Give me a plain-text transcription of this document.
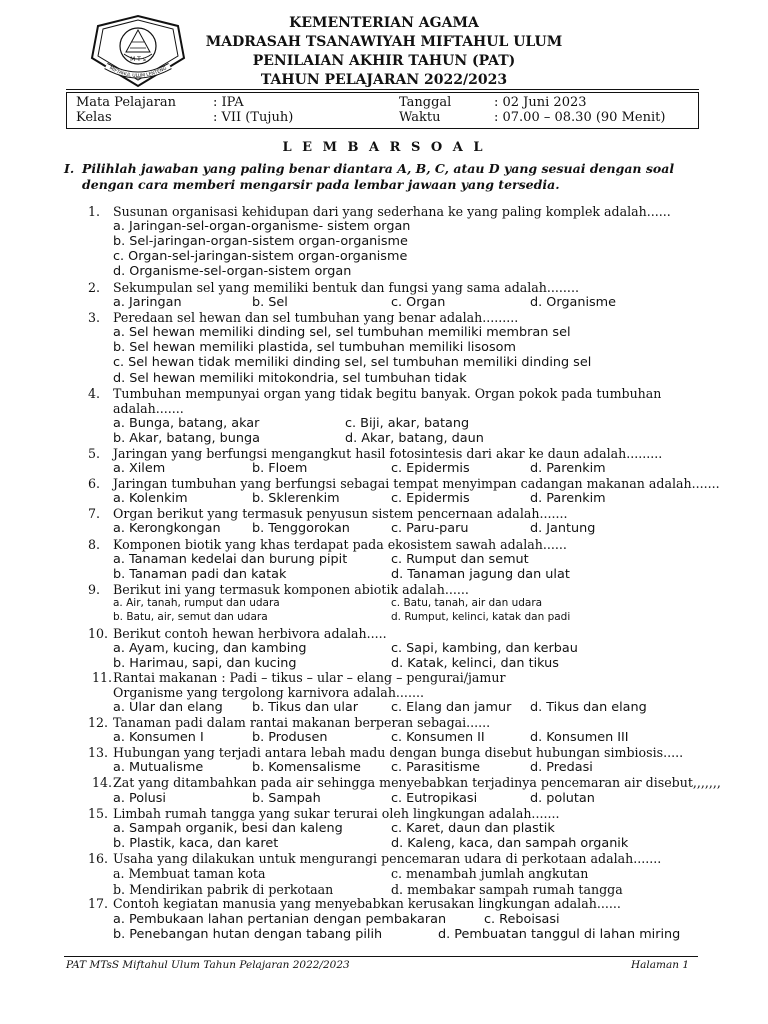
M T s
MIFTAHUL ULUM LENTENG
KEMENTERIAN AGAMA
MADRASAH TSANAWIYAH MIFTAHUL ULUM
PENILAIAN AKHIR TAHUN (PAT)
TAHUN PELAJARAN 2022/2023
Mata Pelajaran	: IPA	Tanggal	: 02 Juni 2023
Kelas	: VII (Tujuh)	Waktu	: 07.00 – 08.30 (90 Menit)
L E M B A R S O A L
I. Pilihlah jawaban yang paling benar diantara A, B, C, atau D yang sesuai dengan soal dengan cara memberi mengarsir pada lembar jawaan yang tersedia.
1. Susunan organisasi kehidupan dari yang sederhana ke yang paling komplek adalah......
a. Jaringan-sel-organ-organisme- sistem organ
b. Sel-jaringan-organ-sistem organ-organisme
c. Organ-sel-jaringan-sistem organ-organisme
d. Organisme-sel-organ-sistem organ
2. Sekumpulan sel yang memiliki bentuk dan fungsi yang sama adalah........
a. Jaringan	b. Sel	c. Organ	d. Organisme
3. Peredaan sel hewan dan sel tumbuhan yang benar adalah.........
a. Sel hewan memiliki dinding sel, sel tumbuhan memiliki membran sel
b. Sel hewan memiliki plastida, sel tumbuhan memiliki lisosom
c. Sel hewan tidak memiliki dinding sel, sel tumbuhan memiliki dinding sel
d. Sel hewan memiliki mitokondria, sel tumbuhan tidak
4. Tumbuhan mempunyai organ yang tidak begitu banyak. Organ pokok pada tumbuhan
adalah.......
a. Bunga, batang, akar	c. Biji, akar, batang
b. Akar, batang, bunga	d. Akar, batang, daun
5. Jaringan yang berfungsi mengangkut hasil fotosintesis dari akar ke daun adalah.........
a. Xilem	b. Floem	c. Epidermis	d. Parenkim
6. Jaringan tumbuhan yang berfungsi sebagai tempat menyimpan cadangan makanan adalah.......
a. Kolenkim	b. Sklerenkim	c. Epidermis	d. Parenkim
7. Organ berikut yang termasuk penyusun sistem pencernaan adalah.......
a. Kerongkongan b. Tenggorokan	c. Paru-paru	d. Jantung
8. Komponen biotik yang khas terdapat pada ekosistem sawah adalah......
a. Tanaman kedelai dan burung pipit	c. Rumput dan semut
b. Tanaman padi dan katak	d. Tanaman jagung dan ulat
9. Berikut ini yang termasuk komponen abiotik adalah......
a. Air, tanah, rumput dan udara	c. Batu, tanah, air dan udara
b. Batu, air, semut dan udara	d. Rumput, kelinci, katak dan padi
10. Berikut contoh hewan herbivora adalah.....
a. Ayam, kucing, dan kambing	c. Sapi, kambing, dan kerbau
b. Harimau, sapi, dan kucing	d. Katak, kelinci, dan tikus
11. Rantai makanan : Padi – tikus – ular – elang – pengurai/jamur
Organisme yang tergolong karnivora adalah.......
a. Ular dan elang b. Tikus dan ular	c. Elang dan jamur d. Tikus dan elang
12. Tanaman padi dalam rantai makanan berperan sebagai......
a. Konsumen I	b. Produsen	c. Konsumen II	d. Konsumen III
13. Hubungan yang terjadi antara lebah madu dengan bunga disebut hubungan simbiosis.....
a. Mutualisme	b. Komensalisme c. Parasitisme	d. Predasi
14. Zat yang ditambahkan pada air sehingga menyebabkan terjadinya pencemaran air disebut,,,,,,,
a. Polusi	b. Sampah	c. Eutropikasi	d. polutan
15. Limbah rumah tangga yang sukar terurai oleh lingkungan adalah.......
a. Sampah organik, besi dan kaleng	c. Karet, daun dan plastik
b. Plastik, kaca, dan karet	d. Kaleng, kaca, dan sampah organik
16. Usaha yang dilakukan untuk mengurangi pencemaran udara di perkotaan adalah.......
a. Membuat taman kota	c. menambah jumlah angkutan
b. Mendirikan pabrik di perkotaan	d. membakar sampah rumah tangga
17. Contoh kegiatan manusia yang menyebabkan kerusakan lingkungan adalah......
a. Pembukaan lahan pertanian dengan pembakaran	c. Reboisasi
b. Penebangan hutan dengan tabang pilih	d. Pembuatan tanggul di lahan miring
PAT MTsS Miftahul Ulum Tahun Pelajaran 2022/2023	Halaman 1
